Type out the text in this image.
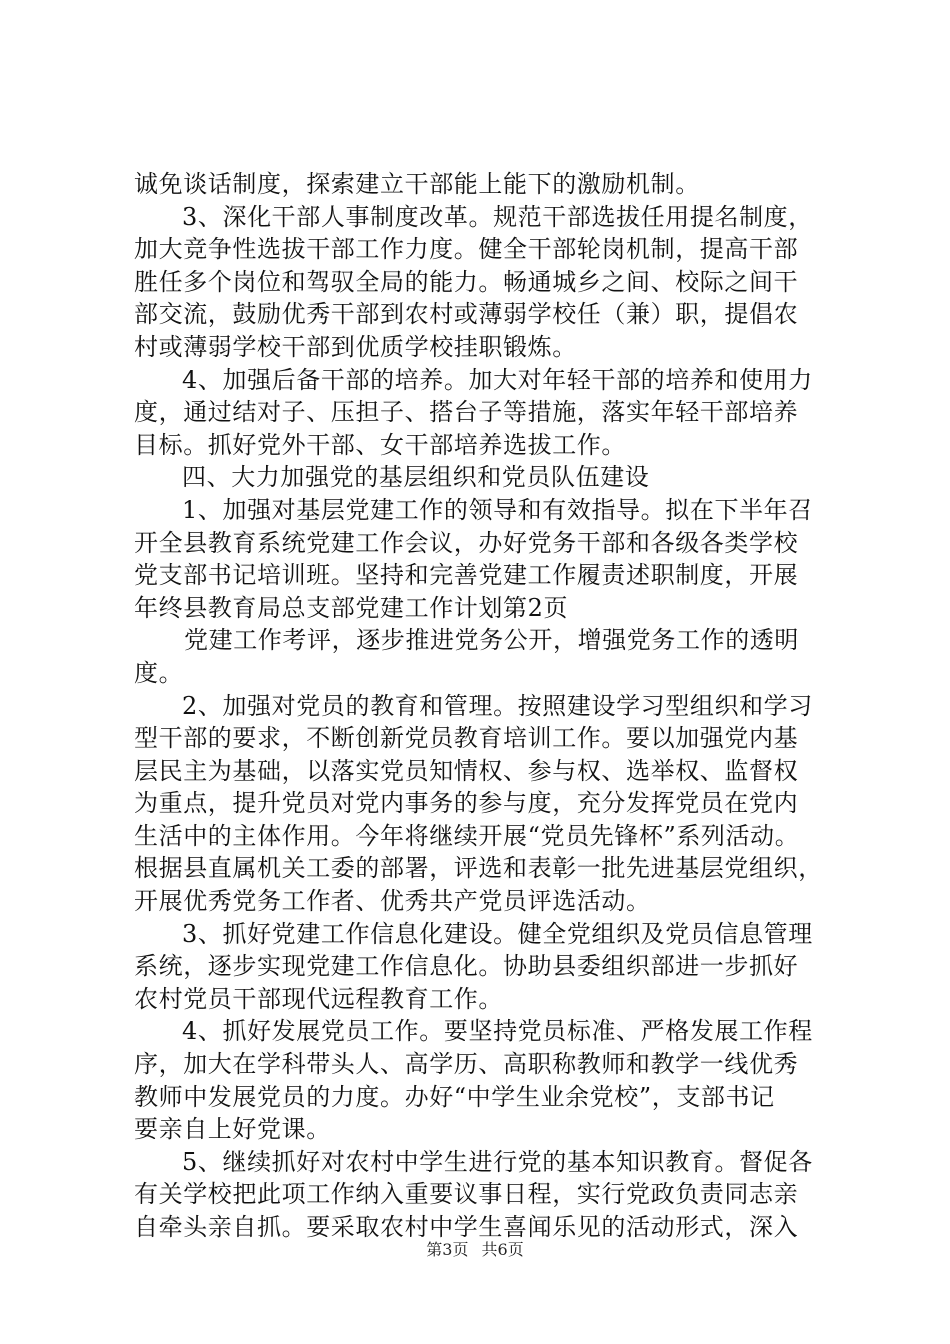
诚免谈话制度，探索建立干部能上能下的激励机制。
3、深化干部人事制度改革。规范干部选拔任用提名制度，
加大竞争性选拔干部工作力度。健全干部轮岗机制，提高干部
胜任多个岗位和驾驭全局的能力。畅通城乡之间、校际之间干
部交流，鼓励优秀干部到农村或薄弱学校任（兼）职，提倡农
村或薄弱学校干部到优质学校挂职锻炼。
4、加强后备干部的培养。加大对年轻干部的培养和使用力
度，通过结对子、压担子、搭台子等措施，落实年轻干部培养
目标。抓好党外干部、女干部培养选拔工作。
四、大力加强党的基层组织和党员队伍建设
1、加强对基层党建工作的领导和有效指导。拟在下半年召
开全县教育系统党建工作会议，办好党务干部和各级各类学校
党支部书记培训班。坚持和完善党建工作履责述职制度，开展
年终县教育局总支部党建工作计划第2页
党建工作考评，逐步推进党务公开，增强党务工作的透明
度。
2、加强对党员的教育和管理。按照建设学习型组织和学习
型干部的要求，不断创新党员教育培训工作。要以加强党内基
层民主为基础，以落实党员知情权、参与权、选举权、监督权
为重点，提升党员对党内事务的参与度，充分发挥党员在党内
生活中的主体作用。今年将继续开展“党员先锋杯”系列活动。
根据县直属机关工委的部署，评选和表彰一批先进基层党组织，
开展优秀党务工作者、优秀共产党员评选活动。
3、抓好党建工作信息化建设。健全党组织及党员信息管理
系统，逐步实现党建工作信息化。协助县委组织部进一步抓好
农村党员干部现代远程教育工作。
4、抓好发展党员工作。要坚持党员标准、严格发展工作程
序，加大在学科带头人、高学历、高职称教师和教学一线优秀
教师中发展党员的力度。办好“中学生业余党校”，支部书记
要亲自上好党课。
5、继续抓好对农村中学生进行党的基本知识教育。督促各
有关学校把此项工作纳入重要议事日程，实行党政负责同志亲
自牵头亲自抓。要采取农村中学生喜闻乐见的活动形式，深入
第3页 共6页
